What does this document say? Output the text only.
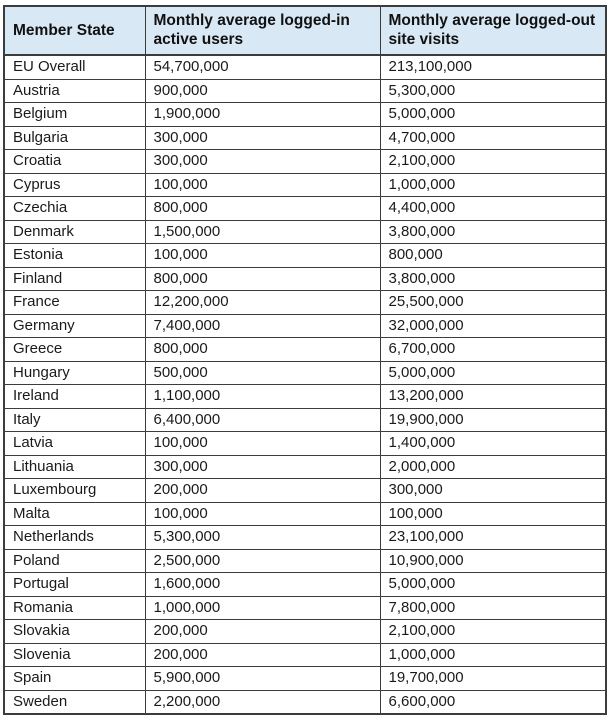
Member State	Monthly average logged-in active users	Monthly average logged-out site visits

EU Overall	54,700,000	213,100,000
Austria	900,000	5,300,000
Belgium	1,900,000	5,000,000
Bulgaria	300,000	4,700,000
Croatia	300,000	2,100,000
Cyprus	100,000	1,000,000
Czechia	800,000	4,400,000
Denmark	1,500,000	3,800,000
Estonia	100,000	800,000
Finland	800,000	3,800,000
France	12,200,000	25,500,000
Germany	7,400,000	32,000,000
Greece	800,000	6,700,000
Hungary	500,000	5,000,000
Ireland	1,100,000	13,200,000
Italy	6,400,000	19,900,000
Latvia	100,000	1,400,000
Lithuania	300,000	2,000,000
Luxembourg	200,000	300,000
Malta	100,000	100,000
Netherlands	5,300,000	23,100,000
Poland	2,500,000	10,900,000
Portugal	1,600,000	5,000,000
Romania	1,000,000	7,800,000
Slovakia	200,000	2,100,000
Slovenia	200,000	1,000,000
Spain	5,900,000	19,700,000
Sweden	2,200,000	6,600,000
